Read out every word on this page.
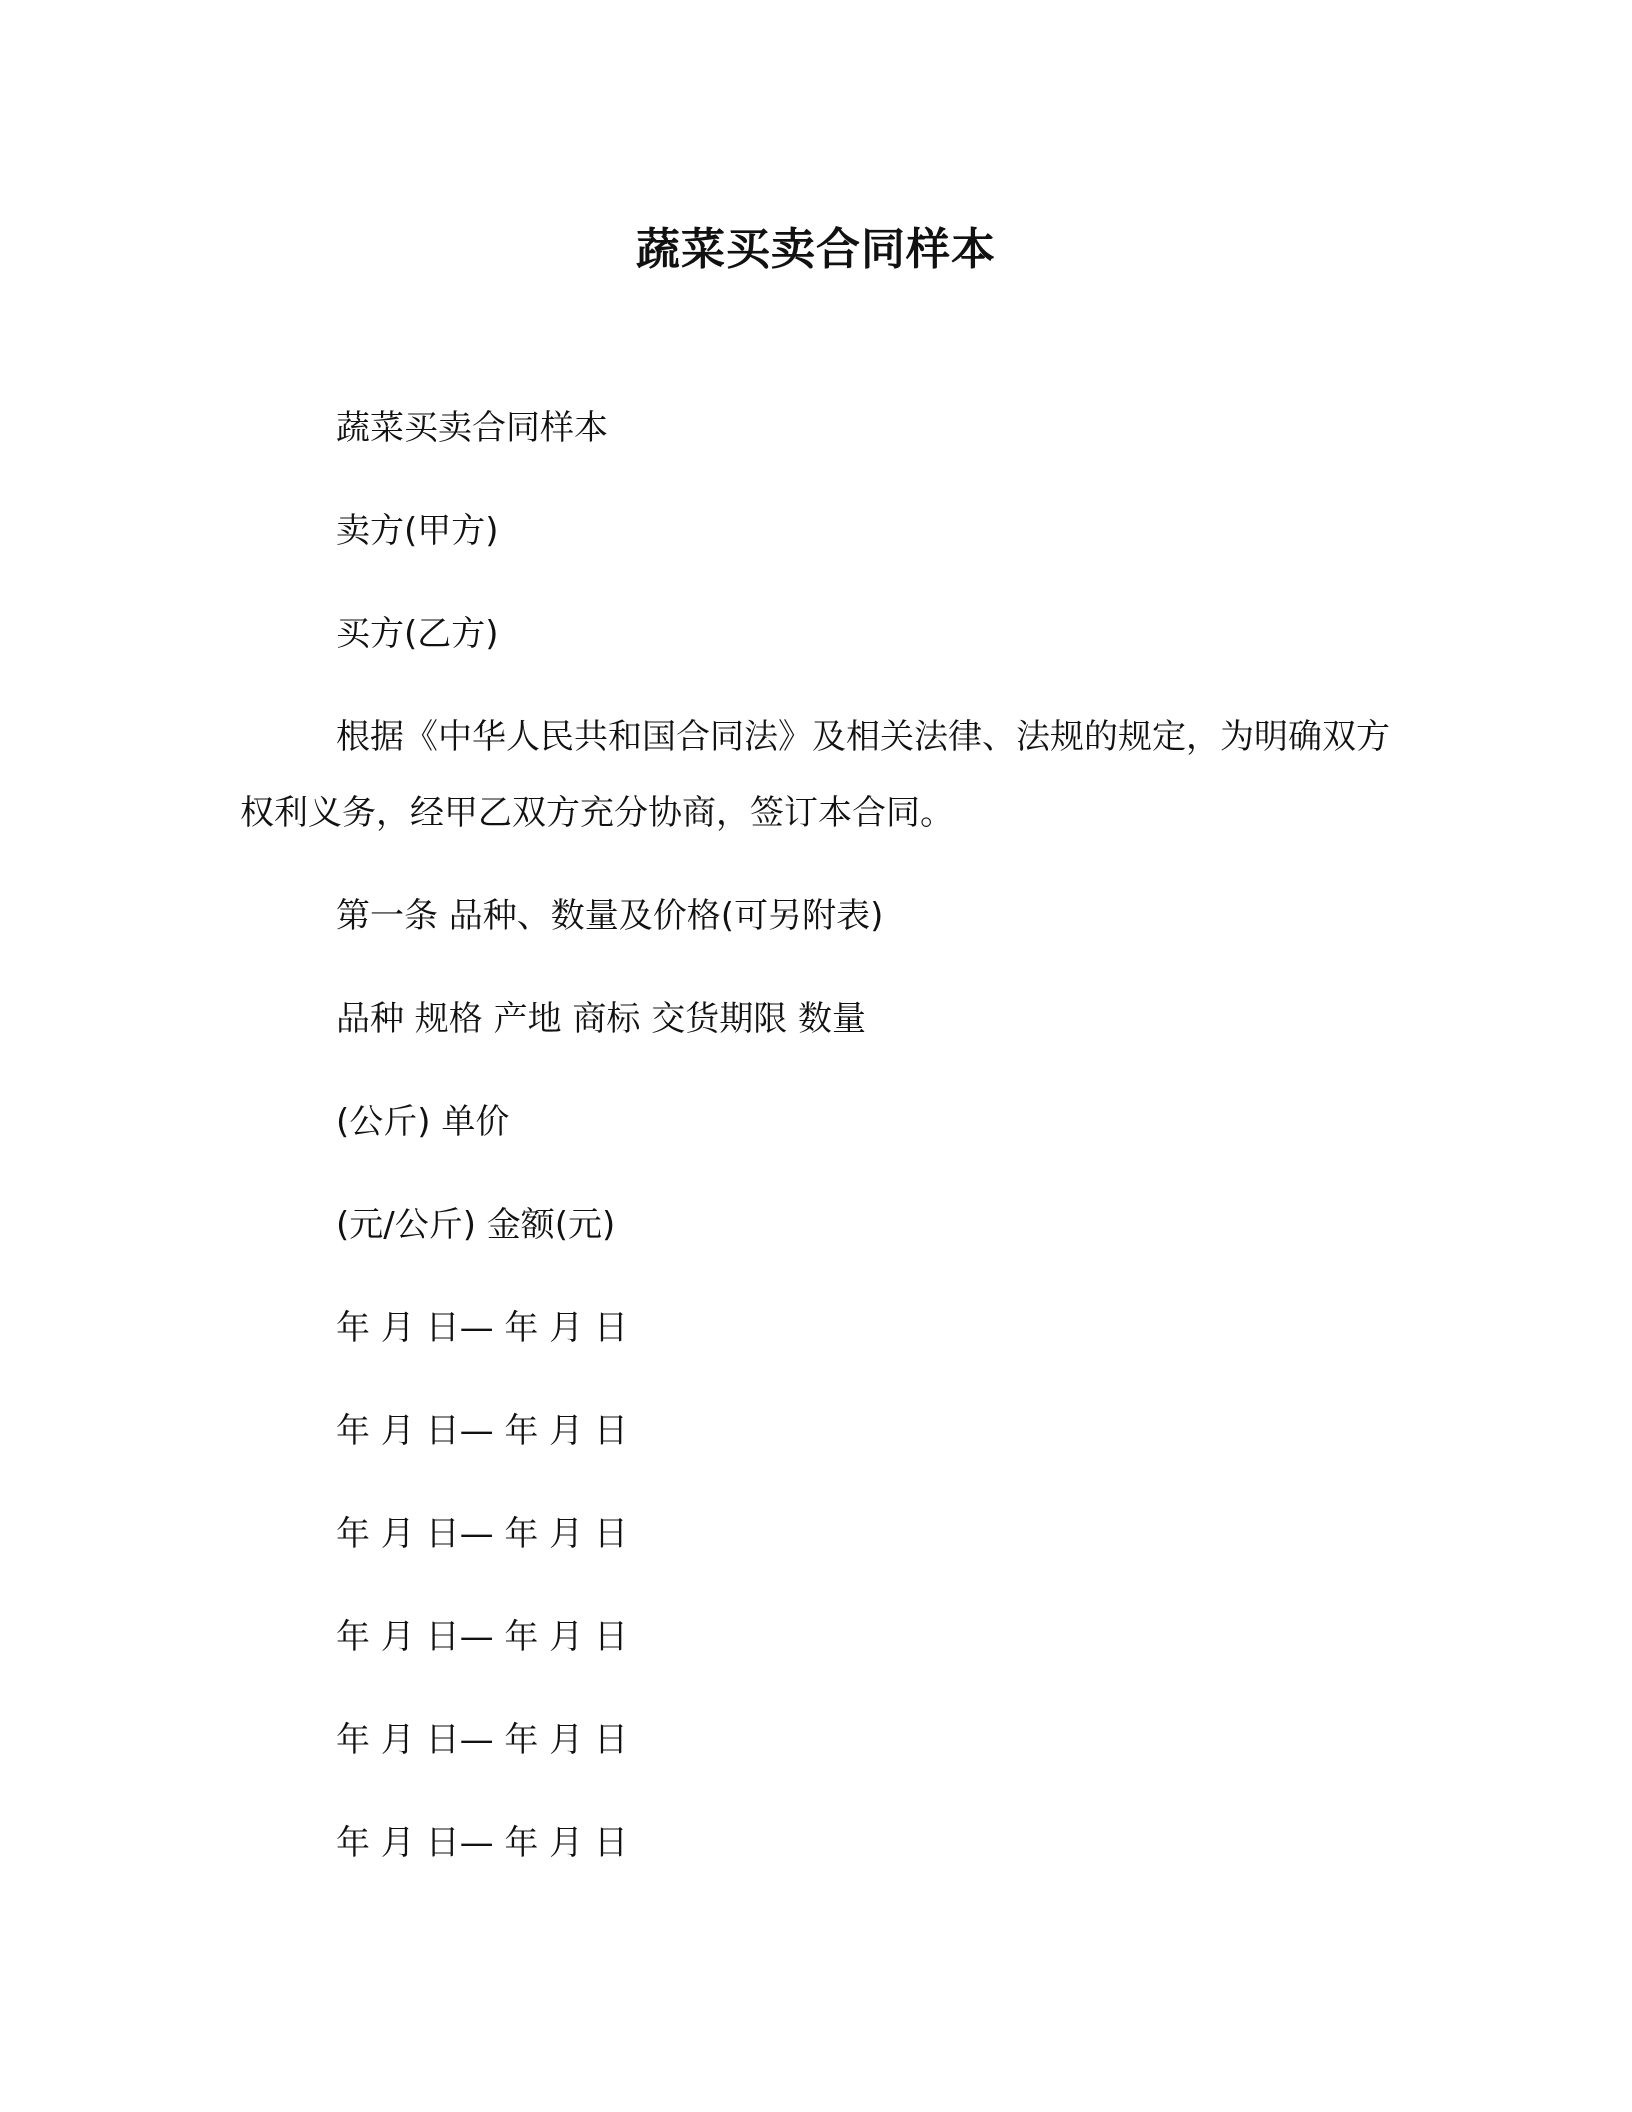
蔬菜买卖合同样本

蔬菜买卖合同样本

卖方(甲方)

买方(乙方)

根据《中华人民共和国合同法》及相关法律、法规的规定，为明确双方权利义务，经甲乙双方充分协商，签订本合同。

第一条 品种、数量及价格(可另附表)

品种 规格 产地 商标 交货期限 数量

(公斤) 单价

(元/公斤) 金额(元)

年 月 日— 年 月 日

年 月 日— 年 月 日

年 月 日— 年 月 日

年 月 日— 年 月 日

年 月 日— 年 月 日

年 月 日— 年 月 日
